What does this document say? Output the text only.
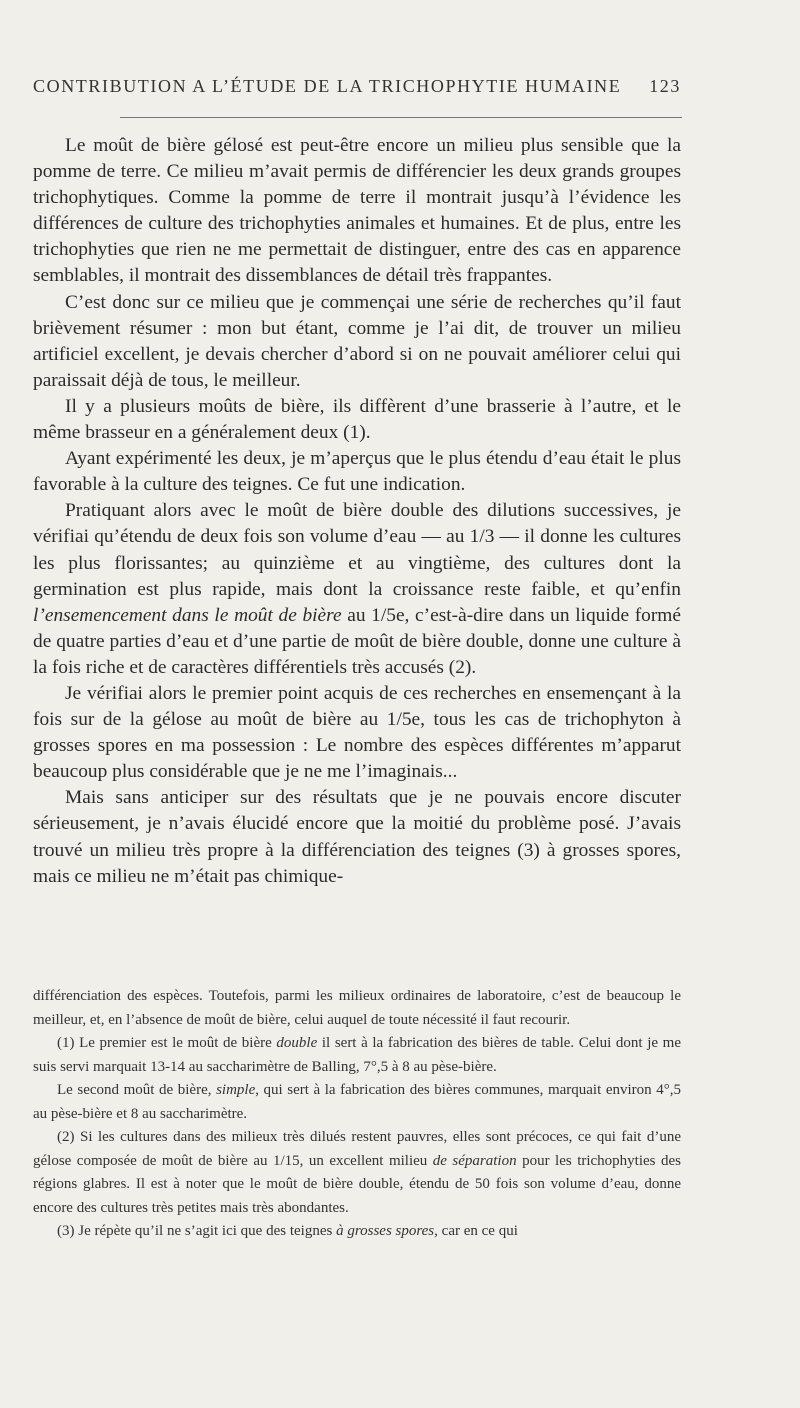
CONTRIBUTION A L’ÉTUDE DE LA TRICHOPHYTIE HUMAINE 123

Le moût de bière gélosé est peut-être encore un milieu plus sensible que la pomme de terre. Ce milieu m’avait permis de différencier les deux grands groupes trichophytiques. Comme la pomme de terre il montrait jusqu’à l’évidence les différences de culture des trichophyties animales et humaines. Et de plus, entre les trichophyties que rien ne me permettait de distinguer, entre des cas en apparence semblables, il montrait des dissemblances de détail très frappantes.

C’est donc sur ce milieu que je commençai une série de recherches qu’il faut brièvement résumer : mon but étant, comme je l’ai dit, de trouver un milieu artificiel excellent, je devais chercher d’abord si on ne pouvait améliorer celui qui paraissait déjà de tous, le meilleur.

Il y a plusieurs moûts de bière, ils diffèrent d’une brasserie à l’autre, et le même brasseur en a généralement deux (1).

Ayant expérimenté les deux, je m’aperçus que le plus étendu d’eau était le plus favorable à la culture des teignes. Ce fut une indication.

Pratiquant alors avec le moût de bière double des dilutions successives, je vérifiai qu’étendu de deux fois son volume d’eau — au 1/3 — il donne les cultures les plus florissantes; au quinzième et au vingtième, des cultures dont la germination est plus rapide, mais dont la croissance reste faible, et qu’enfin l’ensemencement dans le moût de bière au 1/5e, c’est-à-dire dans un liquide formé de quatre parties d’eau et d’une partie de moût de bière double, donne une culture à la fois riche et de caractères différentiels très accusés (2).

Je vérifiai alors le premier point acquis de ces recherches en ensemençant à la fois sur de la gélose au moût de bière au 1/5e, tous les cas de trichophyton à grosses spores en ma possession : Le nombre des espèces différentes m’apparut beaucoup plus considérable que je ne me l’imaginais...

Mais sans anticiper sur des résultats que je ne pouvais encore discuter sérieusement, je n’avais élucidé encore que la moitié du problème posé. J’avais trouvé un milieu très propre à la différenciation des teignes (3) à grosses spores, mais ce milieu ne m’était pas chimique-

différenciation des espèces. Toutefois, parmi les milieux ordinaires de laboratoire, c’est de beaucoup le meilleur, et, en l’absence de moût de bière, celui auquel de toute nécessité il faut recourir.

(1) Le premier est le moût de bière double il sert à la fabrication des bières de table. Celui dont je me suis servi marquait 13-14 au saccharimètre de Balling, 7°,5 à 8 au pèse-bière.

Le second moût de bière, simple, qui sert à la fabrication des bières communes, marquait environ 4°,5 au pèse-bière et 8 au saccharimètre.

(2) Si les cultures dans des milieux très dilués restent pauvres, elles sont précoces, ce qui fait d’une gélose composée de moût de bière au 1/15, un excellent milieu de séparation pour les trichophyties des régions glabres. Il est à noter que le moût de bière double, étendu de 50 fois son volume d’eau, donne encore des cultures très petites mais très abondantes.

(3) Je répète qu’il ne s’agit ici que des teignes à grosses spores, car en ce qui
